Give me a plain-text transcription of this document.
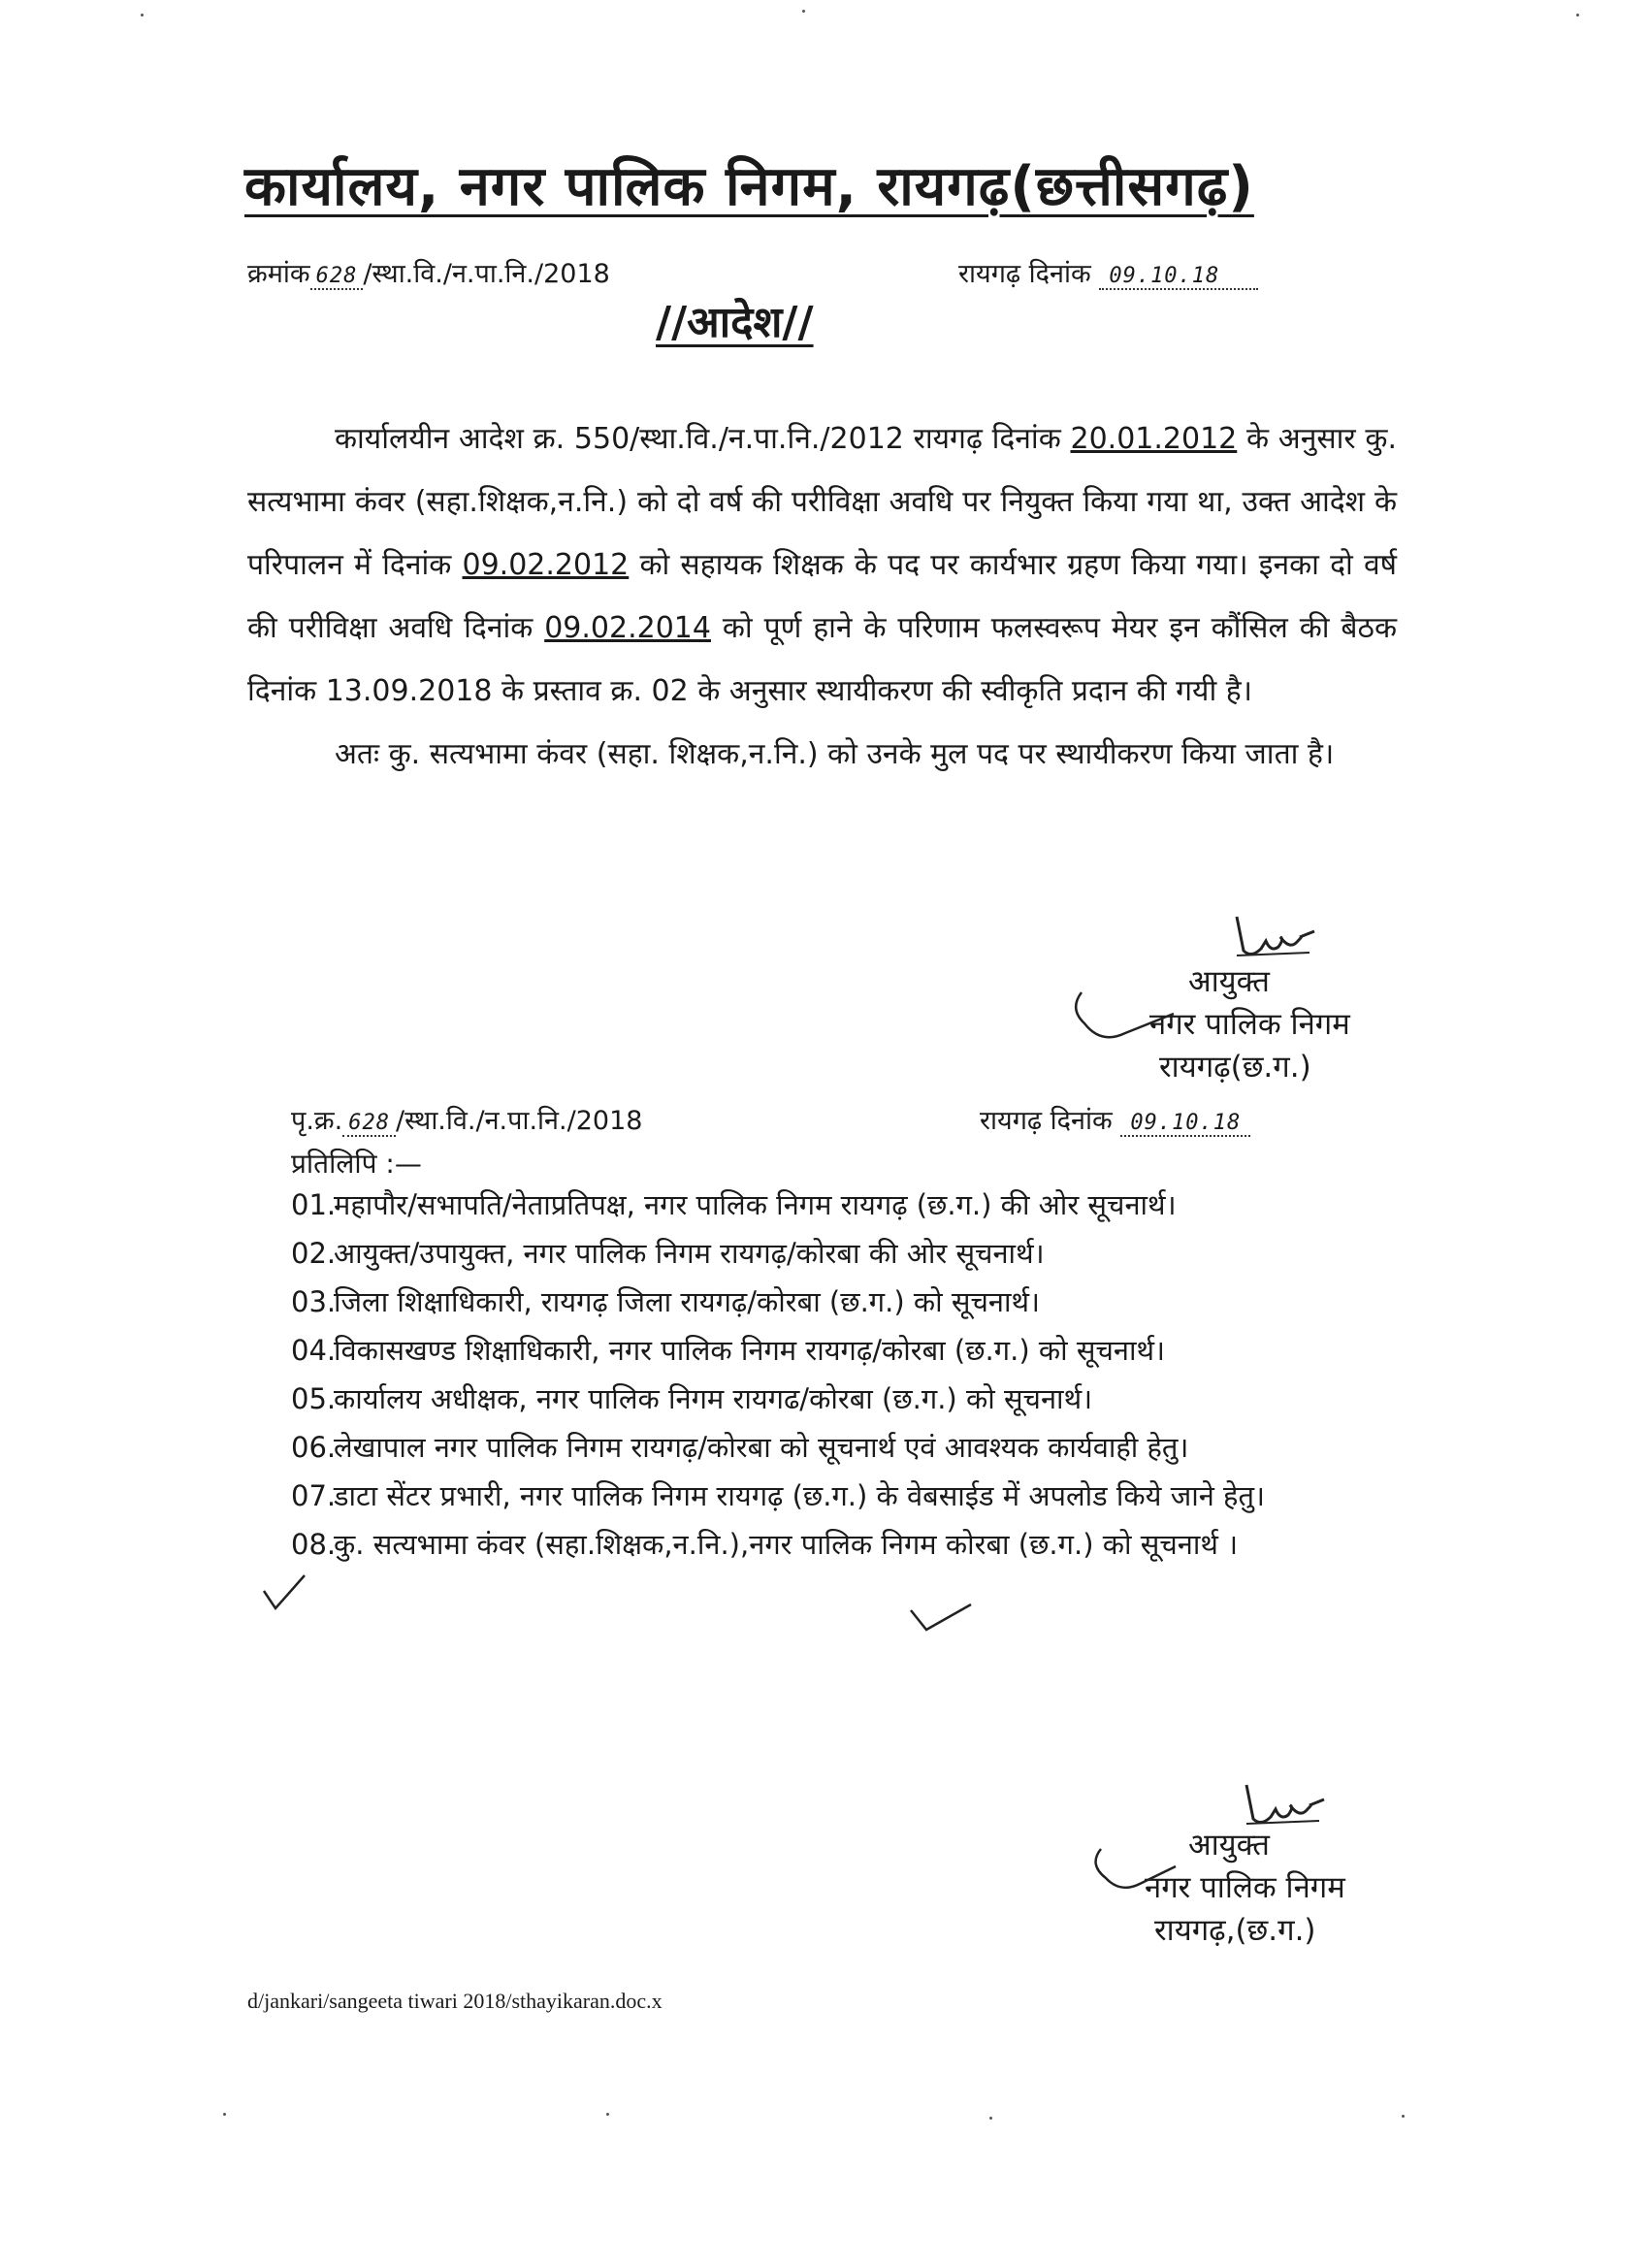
कार्यालय, नगर पालिक निगम, रायगढ़(छत्तीसगढ़)
क्रमांक 628 /स्था.वि./न.पा.नि./2018	रायगढ़ दिनांक 09.10.18
//आदेश//

कार्यालयीन आदेश क्र. 550/स्था.वि./न.पा.नि./2012 रायगढ़ दिनांक 20.01.2012 के अनुसार कु. सत्यभामा कंवर (सहा.शिक्षक,न.नि.) को दो वर्ष की परीविक्षा अवधि पर नियुक्त किया गया था, उक्त आदेश के परिपालन में दिनांक 09.02.2012 को सहायक शिक्षक के पद पर कार्यभार ग्रहण किया गया। इनका दो वर्ष की परीविक्षा अवधि दिनांक 09.02.2014 को पूर्ण हाने के परिणाम फलस्वरूप मेयर इन कौंसिल की बैठक दिनांक 13.09.2018 के प्रस्ताव क्र. 02 के अनुसार स्थायीकरण की स्वीकृति प्रदान की गयी है।

अतः कु. सत्यभामा कंवर (सहा. शिक्षक,न.नि.) को उनके मुल पद पर स्थायीकरण किया जाता है।

आयुक्त
नगर पालिक निगम
रायगढ़(छ.ग.)
पृ.क्र. 628 /स्था.वि./न.पा.नि./2018	रायगढ़ दिनांक 09.10.18
प्रतिलिपि :—
01.
महापौर/सभापति/नेताप्रतिपक्ष, नगर पालिक निगम रायगढ़ (छ.ग.) की ओर सूचनार्थ।
02.
आयुक्त/उपायुक्त, नगर पालिक निगम रायगढ़/कोरबा की ओर सूचनार्थ।
03.
जिला शिक्षाधिकारी, रायगढ़ जिला रायगढ़/कोरबा (छ.ग.) को सूचनार्थ।
04.
विकासखण्ड शिक्षाधिकारी, नगर पालिक निगम रायगढ़/कोरबा (छ.ग.) को सूचनार्थ।
05.
कार्यालय अधीक्षक, नगर पालिक निगम रायगढ/कोरबा (छ.ग.) को सूचनार्थ।
06.
लेखापाल नगर पालिक निगम रायगढ़/कोरबा को सूचनार्थ एवं आवश्यक कार्यवाही हेतु।
07.
डाटा सेंटर प्रभारी, नगर पालिक निगम रायगढ़ (छ.ग.) के वेबसाईड में अपलोड किये जाने हेतु।
08.
कु. सत्यभामा कंवर (सहा.शिक्षक,न.नि.),नगर पालिक निगम कोरबा (छ.ग.) को सूचनार्थ ।
आयुक्त
नगर पालिक निगम
रायगढ़,(छ.ग.)
d/jankari/sangeeta tiwari 2018/sthayikaran.doc.x
